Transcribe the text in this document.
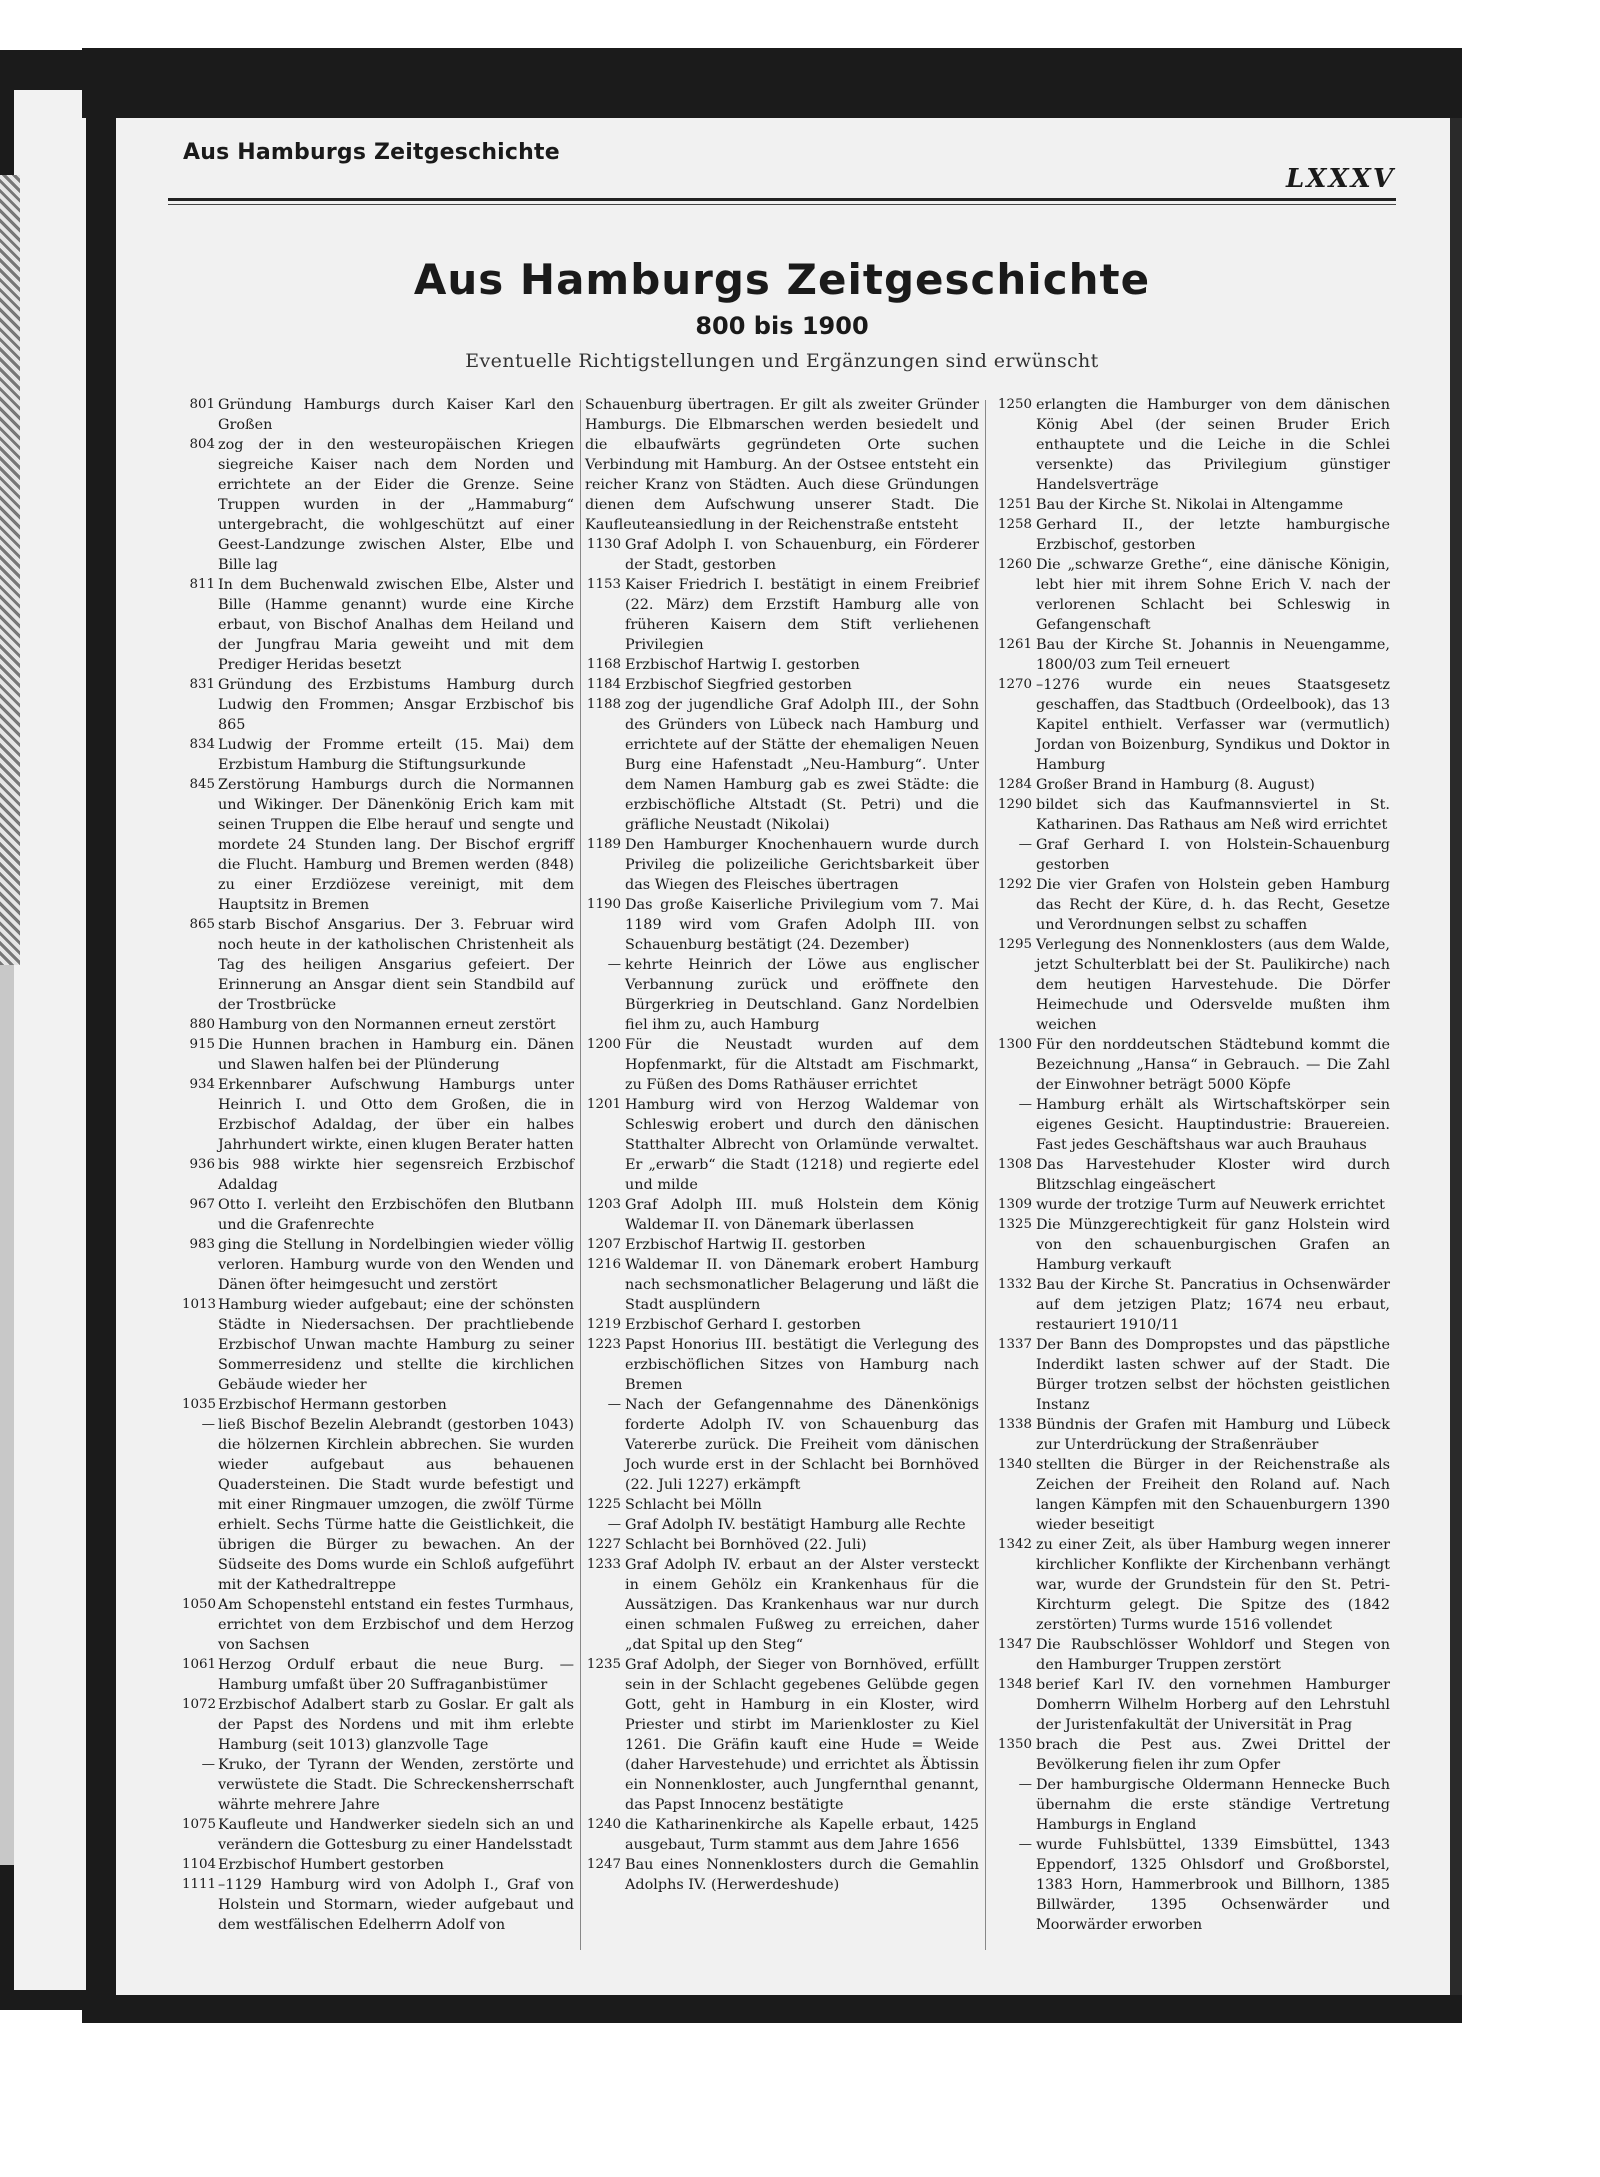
Aus Hamburgs Zeitgeschichte
LXXXV
Aus Hamburgs Zeitgeschichte
800 bis 1900
Eventuelle Richtigstellungen und Ergänzungen sind erwünscht

801 Gründung Hamburgs durch Kaiser Karl den Großen

804 zog der in den westeuropäischen Kriegen siegreiche Kaiser nach dem Norden und errichtete an der Eider die Grenze. Seine Truppen wurden in der „Hammaburg“ untergebracht, die wohlgeschützt auf einer Geest-Landzunge zwischen Alster, Elbe und Bille lag

811 In dem Buchenwald zwischen Elbe, Alster und Bille (Hamme genannt) wurde eine Kirche erbaut, von Bischof Analhas dem Heiland und der Jungfrau Maria geweiht und mit dem Prediger Heridas besetzt

831 Gründung des Erzbistums Hamburg durch Ludwig den Frommen; Ansgar Erzbischof bis 865

834 Ludwig der Fromme erteilt (15. Mai) dem Erzbistum Hamburg die Stiftungsurkunde

845 Zerstörung Hamburgs durch die Normannen und Wikinger. Der Dänenkönig Erich kam mit seinen Truppen die Elbe herauf und sengte und mordete 24 Stunden lang. Der Bischof ergriff die Flucht. Hamburg und Bremen werden (848) zu einer Erzdiözese vereinigt, mit dem Hauptsitz in Bremen

865 starb Bischof Ansgarius. Der 3. Februar wird noch heute in der katholischen Christenheit als Tag des heiligen Ansgarius gefeiert. Der Erinnerung an Ansgar dient sein Standbild auf der Trostbrücke

880 Hamburg von den Normannen erneut zerstört

915 Die Hunnen brachen in Hamburg ein. Dänen und Slawen halfen bei der Plünderung

934 Erkennbarer Aufschwung Hamburgs unter Heinrich I. und Otto dem Großen, die in Erzbischof Adaldag, der über ein halbes Jahrhundert wirkte, einen klugen Berater hatten

936 bis 988 wirkte hier segensreich Erzbischof Adaldag

967 Otto I. verleiht den Erzbischöfen den Blutbann und die Grafenrechte

983 ging die Stellung in Nordelbingien wieder völlig verloren. Hamburg wurde von den Wenden und Dänen öfter heimgesucht und zerstört

1013 Hamburg wieder aufgebaut; eine der schönsten Städte in Niedersachsen. Der prachtliebende Erzbischof Unwan machte Hamburg zu seiner Sommerresidenz und stellte die kirchlichen Gebäude wieder her

1035 Erzbischof Hermann gestorben

— ließ Bischof Bezelin Alebrandt (gestorben 1043) die hölzernen Kirchlein abbrechen. Sie wurden wieder aufgebaut aus behauenen Quadersteinen. Die Stadt wurde befestigt und mit einer Ringmauer umzogen, die zwölf Türme erhielt. Sechs Türme hatte die Geistlichkeit, die übrigen die Bürger zu bewachen. An der Südseite des Doms wurde ein Schloß aufgeführt mit der Kathedraltreppe

1050 Am Schopenstehl entstand ein festes Turmhaus, errichtet von dem Erzbischof und dem Herzog von Sachsen

1061 Herzog Ordulf erbaut die neue Burg. — Hamburg umfaßt über 20 Suffraganbistümer

1072 Erzbischof Adalbert starb zu Goslar. Er galt als der Papst des Nordens und mit ihm erlebte Hamburg (seit 1013) glanzvolle Tage

— Kruko, der Tyrann der Wenden, zerstörte und verwüstete die Stadt. Die Schreckensherrschaft währte mehrere Jahre

1075 Kaufleute und Handwerker siedeln sich an und verändern die Gottesburg zu einer Handelsstadt

1104 Erzbischof Humbert gestorben

1111 –1129 Hamburg wird von Adolph I., Graf von Holstein und Stormarn, wieder aufgebaut und dem westfälischen Edelherrn Adolf von

Schauenburg übertragen. Er gilt als zweiter Gründer Hamburgs. Die Elbmarschen werden besiedelt und die elbaufwärts gegründeten Orte suchen Verbindung mit Hamburg. An der Ostsee entsteht ein reicher Kranz von Städten. Auch diese Gründungen dienen dem Aufschwung unserer Stadt. Die Kaufleuteansiedlung in der Reichenstraße entsteht

1130 Graf Adolph I. von Schauenburg, ein Förderer der Stadt, gestorben

1153 Kaiser Friedrich I. bestätigt in einem Freibrief (22. März) dem Erzstift Hamburg alle von früheren Kaisern dem Stift verliehenen Privilegien

1168 Erzbischof Hartwig I. gestorben

1184 Erzbischof Siegfried gestorben

1188 zog der jugendliche Graf Adolph III., der Sohn des Gründers von Lübeck nach Hamburg und errichtete auf der Stätte der ehemaligen Neuen Burg eine Hafenstadt „Neu-Hamburg“. Unter dem Namen Hamburg gab es zwei Städte: die erzbischöfliche Altstadt (St. Petri) und die gräfliche Neustadt (Nikolai)

1189 Den Hamburger Knochenhauern wurde durch Privileg die polizeiliche Gerichtsbarkeit über das Wiegen des Fleisches übertragen

1190 Das große Kaiserliche Privilegium vom 7. Mai 1189 wird vom Grafen Adolph III. von Schauenburg bestätigt (24. Dezember)

— kehrte Heinrich der Löwe aus englischer Verbannung zurück und eröffnete den Bürgerkrieg in Deutschland. Ganz Nordelbien fiel ihm zu, auch Hamburg

1200 Für die Neustadt wurden auf dem Hopfenmarkt, für die Altstadt am Fischmarkt, zu Füßen des Doms Rathäuser errichtet

1201 Hamburg wird von Herzog Waldemar von Schleswig erobert und durch den dänischen Statthalter Albrecht von Orlamünde verwaltet. Er „erwarb“ die Stadt (1218) und regierte edel und milde

1203 Graf Adolph III. muß Holstein dem König Waldemar II. von Dänemark überlassen

1207 Erzbischof Hartwig II. gestorben

1216 Waldemar II. von Dänemark erobert Hamburg nach sechsmonatlicher Belagerung und läßt die Stadt ausplündern

1219 Erzbischof Gerhard I. gestorben

1223 Papst Honorius III. bestätigt die Verlegung des erzbischöflichen Sitzes von Hamburg nach Bremen

— Nach der Gefangennahme des Dänenkönigs forderte Adolph IV. von Schauenburg das Vatererbe zurück. Die Freiheit vom dänischen Joch wurde erst in der Schlacht bei Bornhöved (22. Juli 1227) erkämpft

1225 Schlacht bei Mölln

— Graf Adolph IV. bestätigt Hamburg alle Rechte

1227 Schlacht bei Bornhöved (22. Juli)

1233 Graf Adolph IV. erbaut an der Alster versteckt in einem Gehölz ein Krankenhaus für die Aussätzigen. Das Krankenhaus war nur durch einen schmalen Fußweg zu erreichen, daher „dat Spital up den Steg“

1235 Graf Adolph, der Sieger von Bornhöved, erfüllt sein in der Schlacht gegebenes Gelübde gegen Gott, geht in Hamburg in ein Kloster, wird Priester und stirbt im Marienkloster zu Kiel 1261. Die Gräfin kauft eine Hude = Weide (daher Harvestehude) und errichtet als Äbtissin ein Nonnenkloster, auch Jungfernthal genannt, das Papst Innocenz bestätigte

1240 die Katharinenkirche als Kapelle erbaut, 1425 ausgebaut, Turm stammt aus dem Jahre 1656

1247 Bau eines Nonnenklosters durch die Gemahlin Adolphs IV. (Herwerdeshude)

1250 erlangten die Hamburger von dem dänischen König Abel (der seinen Bruder Erich enthauptete und die Leiche in die Schlei versenkte) das Privilegium günstiger Handelsverträge

1251 Bau der Kirche St. Nikolai in Altengamme

1258 Gerhard II., der letzte hamburgische Erzbischof, gestorben

1260 Die „schwarze Grethe“, eine dänische Königin, lebt hier mit ihrem Sohne Erich V. nach der verlorenen Schlacht bei Schleswig in Gefangenschaft

1261 Bau der Kirche St. Johannis in Neuengamme, 1800/03 zum Teil erneuert

1270 –1276 wurde ein neues Staatsgesetz geschaffen, das Stadtbuch (Ordeelbook), das 13 Kapitel enthielt. Verfasser war (vermutlich) Jordan von Boizenburg, Syndikus und Doktor in Hamburg

1284 Großer Brand in Hamburg (8. August)

1290 bildet sich das Kaufmannsviertel in St. Katharinen. Das Rathaus am Neß wird errichtet

— Graf Gerhard I. von Holstein-Schauenburg gestorben

1292 Die vier Grafen von Holstein geben Hamburg das Recht der Küre, d. h. das Recht, Gesetze und Verordnungen selbst zu schaffen

1295 Verlegung des Nonnenklosters (aus dem Walde, jetzt Schulterblatt bei der St. Paulikirche) nach dem heutigen Harvestehude. Die Dörfer Heimechude und Odersvelde mußten ihm weichen

1300 Für den norddeutschen Städtebund kommt die Bezeichnung „Hansa“ in Gebrauch. — Die Zahl der Einwohner beträgt 5000 Köpfe

— Hamburg erhält als Wirtschaftskörper sein eigenes Gesicht. Hauptindustrie: Brauereien. Fast jedes Geschäftshaus war auch Brauhaus

1308 Das Harvestehuder Kloster wird durch Blitzschlag eingeäschert

1309 wurde der trotzige Turm auf Neuwerk errichtet

1325 Die Münzgerechtigkeit für ganz Holstein wird von den schauenburgischen Grafen an Hamburg verkauft

1332 Bau der Kirche St. Pancratius in Ochsenwärder auf dem jetzigen Platz; 1674 neu erbaut, restauriert 1910/11

1337 Der Bann des Dompropstes und das päpstliche Inderdikt lasten schwer auf der Stadt. Die Bürger trotzen selbst der höchsten geistlichen Instanz

1338 Bündnis der Grafen mit Hamburg und Lübeck zur Unterdrückung der Straßenräuber

1340 stellten die Bürger in der Reichenstraße als Zeichen der Freiheit den Roland auf. Nach langen Kämpfen mit den Schauenburgern 1390 wieder beseitigt

1342 zu einer Zeit, als über Hamburg wegen innerer kirchlicher Konflikte der Kirchenbann verhängt war, wurde der Grundstein für den St. Petri-Kirchturm gelegt. Die Spitze des (1842 zerstörten) Turms wurde 1516 vollendet

1347 Die Raubschlösser Wohldorf und Stegen von den Hamburger Truppen zerstört

1348 berief Karl IV. den vornehmen Hamburger Domherrn Wilhelm Horberg auf den Lehrstuhl der Juristenfakultät der Universität in Prag

1350 brach die Pest aus. Zwei Drittel der Bevölkerung fielen ihr zum Opfer

— Der hamburgische Oldermann Hennecke Buch übernahm die erste ständige Vertretung Hamburgs in England

— wurde Fuhlsbüttel, 1339 Eimsbüttel, 1343 Eppendorf, 1325 Ohlsdorf und Großborstel, 1383 Horn, Hammerbrook und Billhorn, 1385 Billwärder, 1395 Ochsenwärder und Moorwärder erworben
